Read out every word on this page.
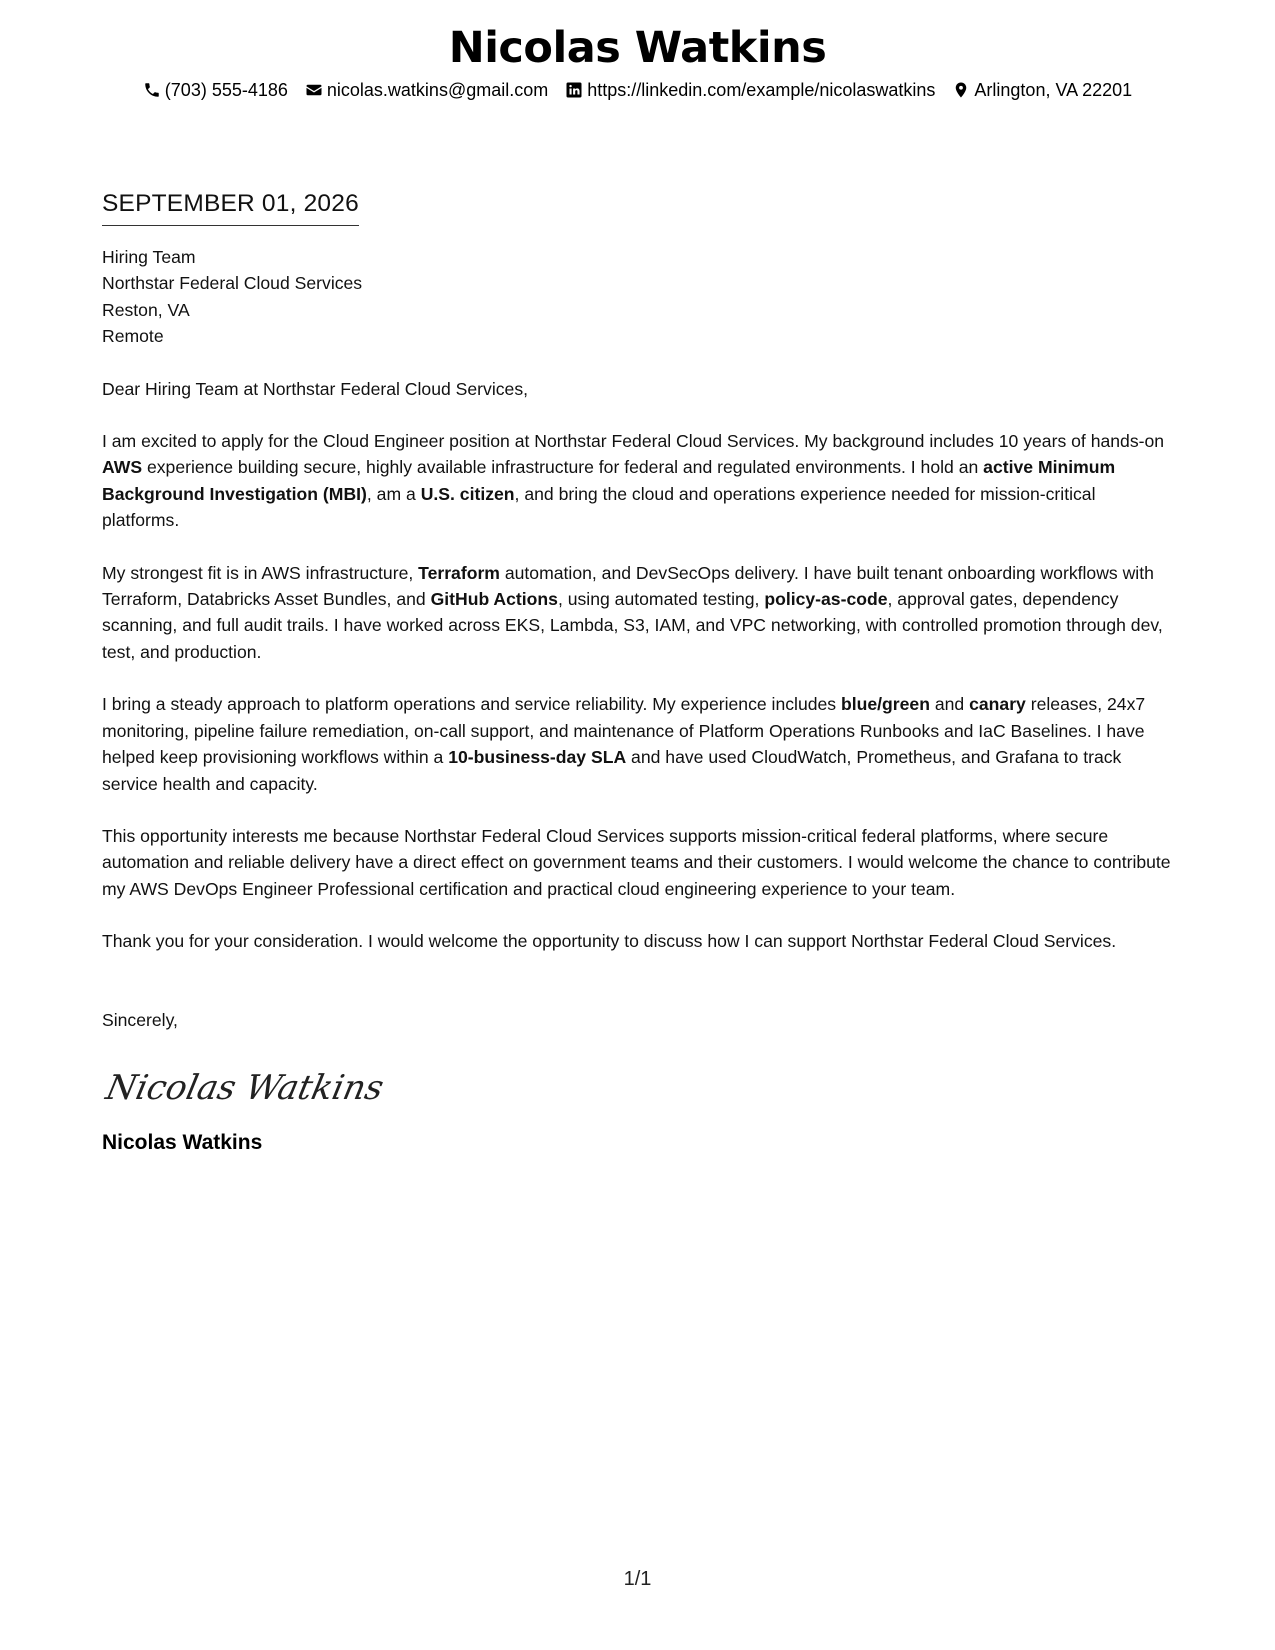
Nicolas Watkins
(703) 555-4186 nicolas.watkins@gmail.com https://linkedin.com/example/nicolaswatkins Arlington, VA 22201
SEPTEMBER 01, 2026
Hiring Team
Northstar Federal Cloud Services
Reston, VA
Remote
Dear Hiring Team at Northstar Federal Cloud Services,

I am excited to apply for the Cloud Engineer position at Northstar Federal Cloud Services. My background includes 10 years of hands-on AWS experience building secure, highly available infrastructure for federal and regulated environments. I hold an active Minimum Background Investigation (MBI), am a U.S. citizen, and bring the cloud and operations experience needed for mission-critical platforms.

My strongest fit is in AWS infrastructure, Terraform automation, and DevSecOps delivery. I have built tenant onboarding workflows with Terraform, Databricks Asset Bundles, and GitHub Actions, using automated testing, policy-as-code, approval gates, dependency scanning, and full audit trails. I have worked across EKS, Lambda, S3, IAM, and VPC networking, with controlled promotion through dev, test, and production.

I bring a steady approach to platform operations and service reliability. My experience includes blue/green and canary releases, 24x7 monitoring, pipeline failure remediation, on-call support, and maintenance of Platform Operations Runbooks and IaC Baselines. I have helped keep provisioning workflows within a 10-business-day SLA and have used CloudWatch, Prometheus, and Grafana to track service health and capacity.

This opportunity interests me because Northstar Federal Cloud Services supports mission-critical federal platforms, where secure automation and reliable delivery have a direct effect on government teams and their customers. I would welcome the chance to contribute my AWS DevOps Engineer Professional certification and practical cloud engineering experience to your team.

Thank you for your consideration. I would welcome the opportunity to discuss how I can support Northstar Federal Cloud Services.

Sincerely,
Nicolas Watkins
Nicolas Watkins
1/1
